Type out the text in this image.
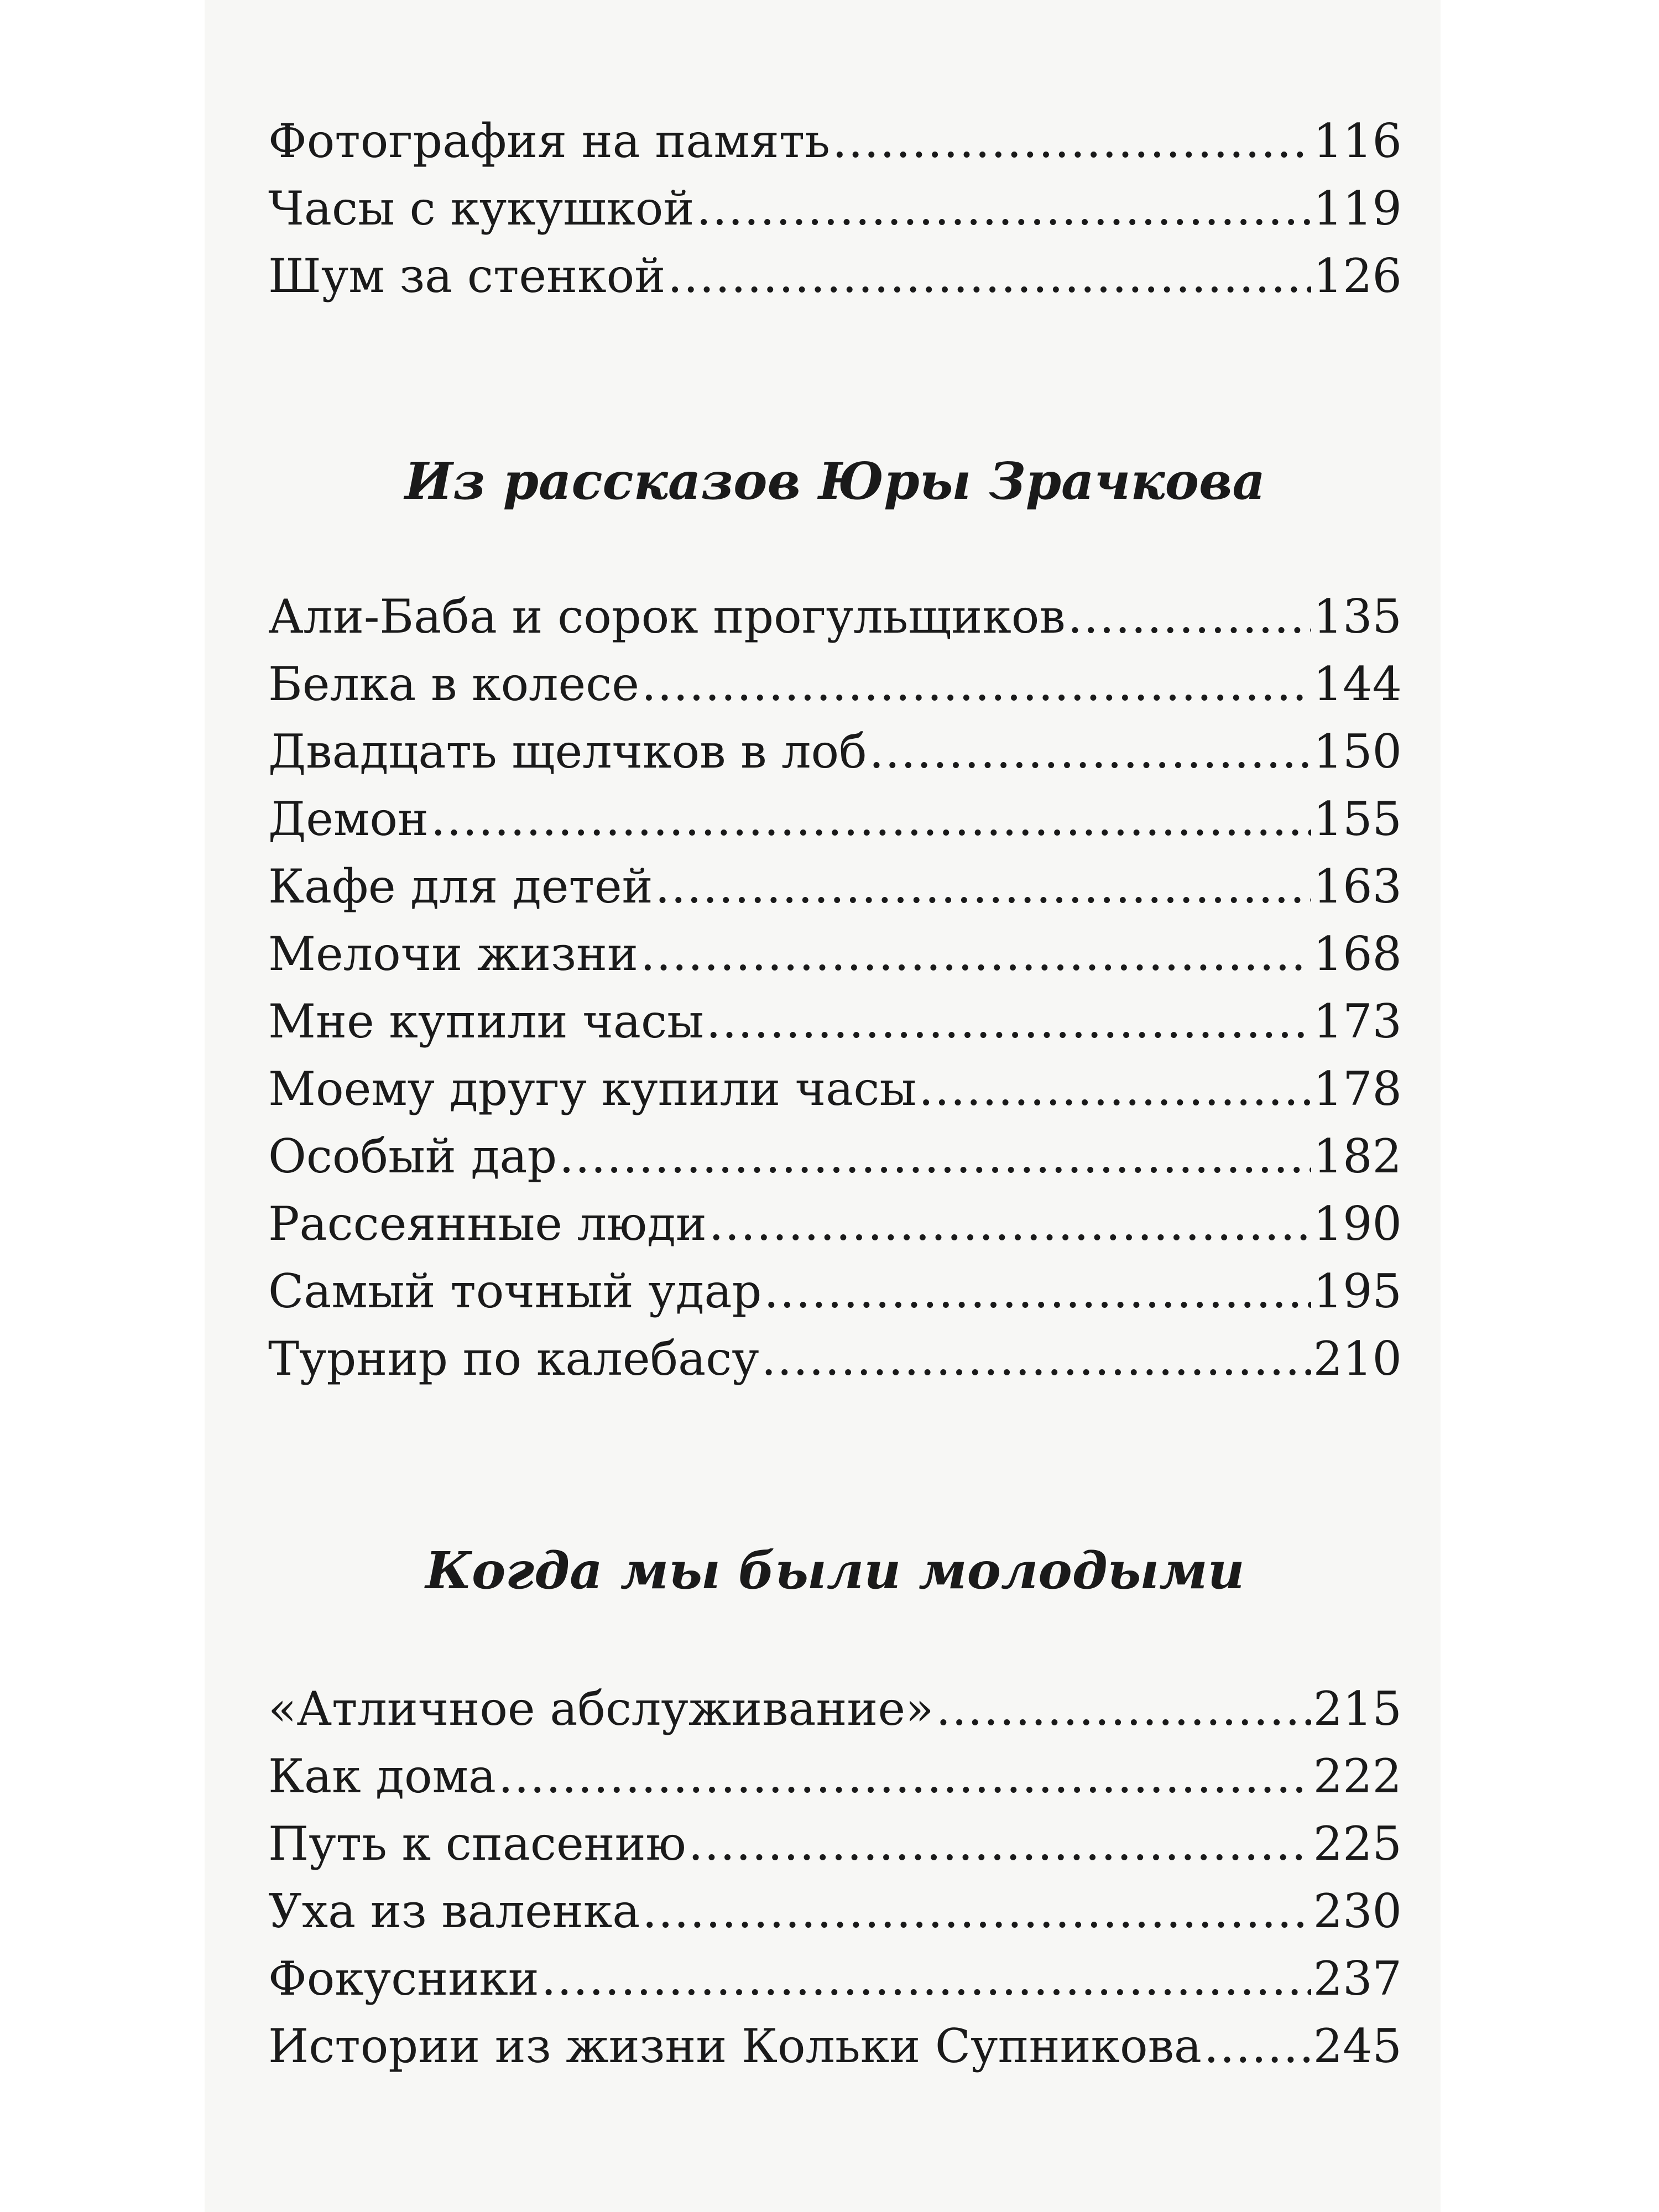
Фотография на память .....	116
Часы с кукушкой .....	119
Шум за стенкой .....	126
Из рассказов Юры Зрачкова
Али-Баба и сорок прогульщиков .....	135
Белка в колесе .....	144
Двадцать щелчков в лоб .....	150
Демон .....	155
Кафе для детей .....	163
Мелочи жизни .....	168
Мне купили часы .....	173
Моему другу купили часы .....	178
Особый дар .....	182
Рассеянные люди .....	190
Самый точный удар .....	195
Турнир по калебасу .....	210
Когда мы были молодыми
«Атличное абслуживание» .....	215
Как дома .....	222
Путь к спасению .....	225
Уха из валенка .....	230
Фокусники .....	237
Истории из жизни Кольки Супникова ..... 245
